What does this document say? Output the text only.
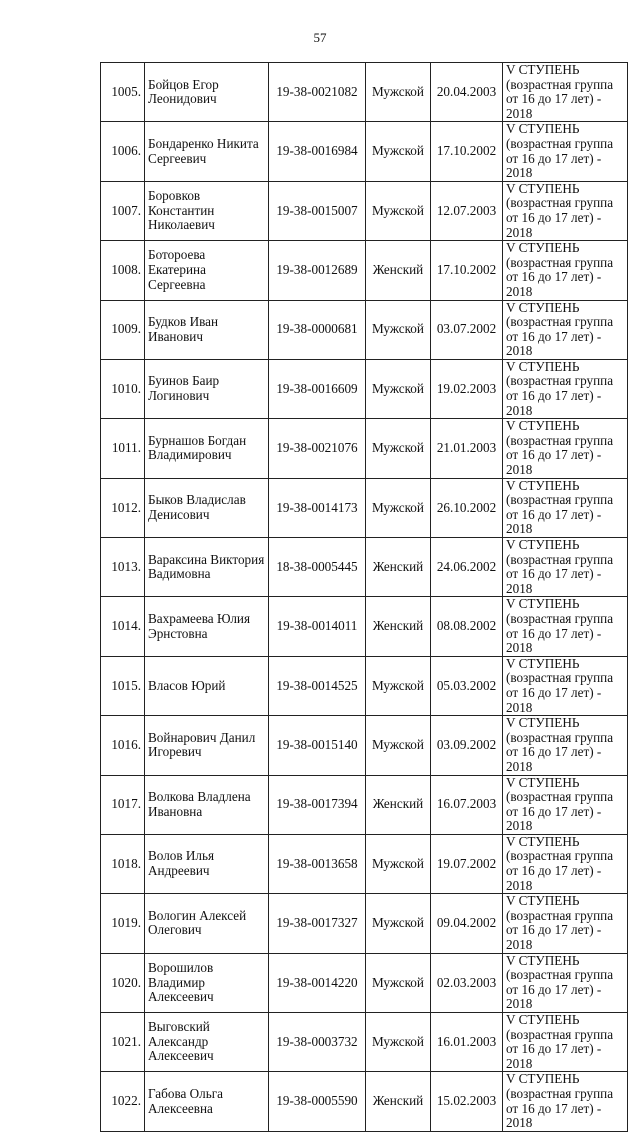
57
1005.	Бойцов Егор Леонидович	19-38-0021082	Мужской	20.04.2003	V СТУПЕНЬ (возрастная группа от 16 до 17 лет) - 2018
1006.	Бондаренко Никита Сергеевич	19-38-0016984	Мужской	17.10.2002	V СТУПЕНЬ (возрастная группа от 16 до 17 лет) - 2018
1007.	Боровков Константин Николаевич	19-38-0015007	Мужской	12.07.2003	V СТУПЕНЬ (возрастная группа от 16 до 17 лет) - 2018
1008.	Ботороева Екатерина Сергеевна	19-38-0012689	Женский	17.10.2002	V СТУПЕНЬ (возрастная группа от 16 до 17 лет) - 2018
1009.	Будков Иван Иванович	19-38-0000681	Мужской	03.07.2002	V СТУПЕНЬ (возрастная группа от 16 до 17 лет) - 2018
1010.	Буинов Баир Логинович	19-38-0016609	Мужской	19.02.2003	V СТУПЕНЬ (возрастная группа от 16 до 17 лет) - 2018
1011.	Бурнашов Богдан Владимирович	19-38-0021076	Мужской	21.01.2003	V СТУПЕНЬ (возрастная группа от 16 до 17 лет) - 2018
1012.	Быков Владислав Денисович	19-38-0014173	Мужской	26.10.2002	V СТУПЕНЬ (возрастная группа от 16 до 17 лет) - 2018
1013.	Вараксина Виктория Вадимовна	18-38-0005445	Женский	24.06.2002	V СТУПЕНЬ (возрастная группа от 16 до 17 лет) - 2018
1014.	Вахрамеева Юлия Эрнстовна	19-38-0014011	Женский	08.08.2002	V СТУПЕНЬ (возрастная группа от 16 до 17 лет) - 2018
1015.	Власов Юрий	19-38-0014525	Мужской	05.03.2002	V СТУПЕНЬ (возрастная группа от 16 до 17 лет) - 2018
1016.	Войнарович Данил Игоревич	19-38-0015140	Мужской	03.09.2002	V СТУПЕНЬ (возрастная группа от 16 до 17 лет) - 2018
1017.	Волкова Владлена Ивановна	19-38-0017394	Женский	16.07.2003	V СТУПЕНЬ (возрастная группа от 16 до 17 лет) - 2018
1018.	Волов Илья Андреевич	19-38-0013658	Мужской	19.07.2002	V СТУПЕНЬ (возрастная группа от 16 до 17 лет) - 2018
1019.	Вологин Алексей Олегович	19-38-0017327	Мужской	09.04.2002	V СТУПЕНЬ (возрастная группа от 16 до 17 лет) - 2018
1020.	Ворошилов Владимир Алексеевич	19-38-0014220	Мужской	02.03.2003	V СТУПЕНЬ (возрастная группа от 16 до 17 лет) - 2018
1021.	Выговский Александр Алексеевич	19-38-0003732	Мужской	16.01.2003	V СТУПЕНЬ (возрастная группа от 16 до 17 лет) - 2018
1022.	Габова Ольга Алексеевна	19-38-0005590	Женский	15.02.2003	V СТУПЕНЬ (возрастная группа от 16 до 17 лет) - 2018
